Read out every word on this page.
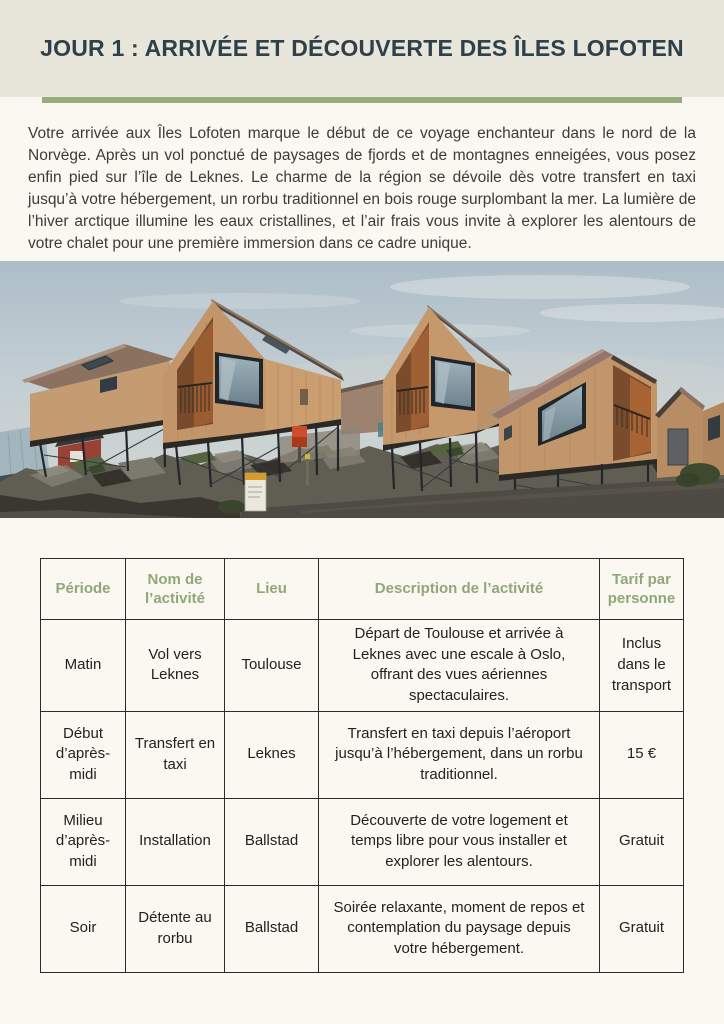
JOUR 1 : ARRIVÉE ET DÉCOUVERTE DES ÎLES LOFOTEN

Votre arrivée aux Îles Lofoten marque le début de ce voyage enchanteur dans le nord de la Norvège. Après un vol ponctué de paysages de fjords et de montagnes enneigées, vous posez enfin pied sur l’île de Leknes. Le charme de la région se dévoile dès votre transfert en taxi jusqu’à votre hébergement, un rorbu traditionnel en bois rouge surplombant la mer. La lumière de l’hiver arctique illumine les eaux cristallines, et l’air frais vous invite à explorer les alentours de votre chalet pour une première immersion dans ce cadre unique.

Période	Nom de l’activité	Lieu	Description de l’activité	Tarif par personne
Matin	Vol vers Leknes	Toulouse	Départ de Toulouse et arrivée à Leknes avec une escale à Oslo, offrant des vues aériennes spectaculaires.	Inclus dans le transport
Début d’après-midi	Transfert en taxi	Leknes	Transfert en taxi depuis l’aéroport jusqu’à l’hébergement, dans un rorbu traditionnel.	15 €
Milieu d’après-midi	Installation	Ballstad	Découverte de votre logement et temps libre pour vous installer et explorer les alentours.	Gratuit
Soir	Détente au rorbu	Ballstad	Soirée relaxante, moment de repos et contemplation du paysage depuis votre hébergement.	Gratuit
